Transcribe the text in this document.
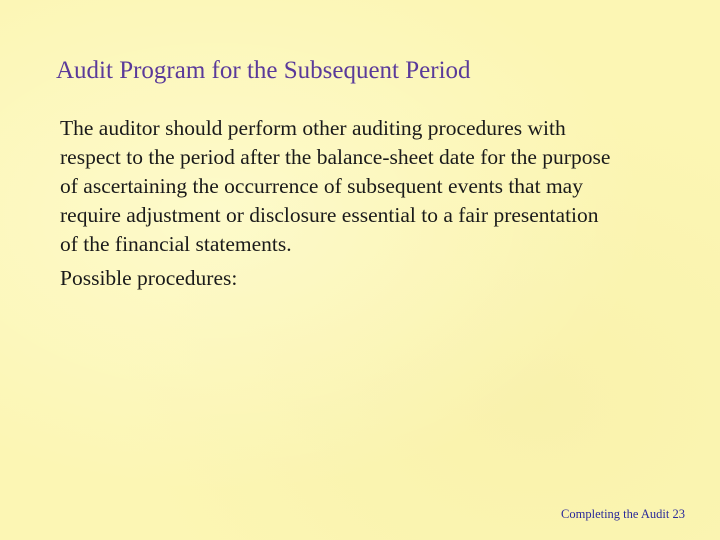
Audit Program for the Subsequent Period

The auditor should perform other auditing procedures with
respect to the period after the balance-sheet date for the purpose
of ascertaining the occurrence of subsequent events that may
require adjustment or disclosure essential to a fair presentation
of the financial statements.

Possible procedures:

Completing the Audit 23
